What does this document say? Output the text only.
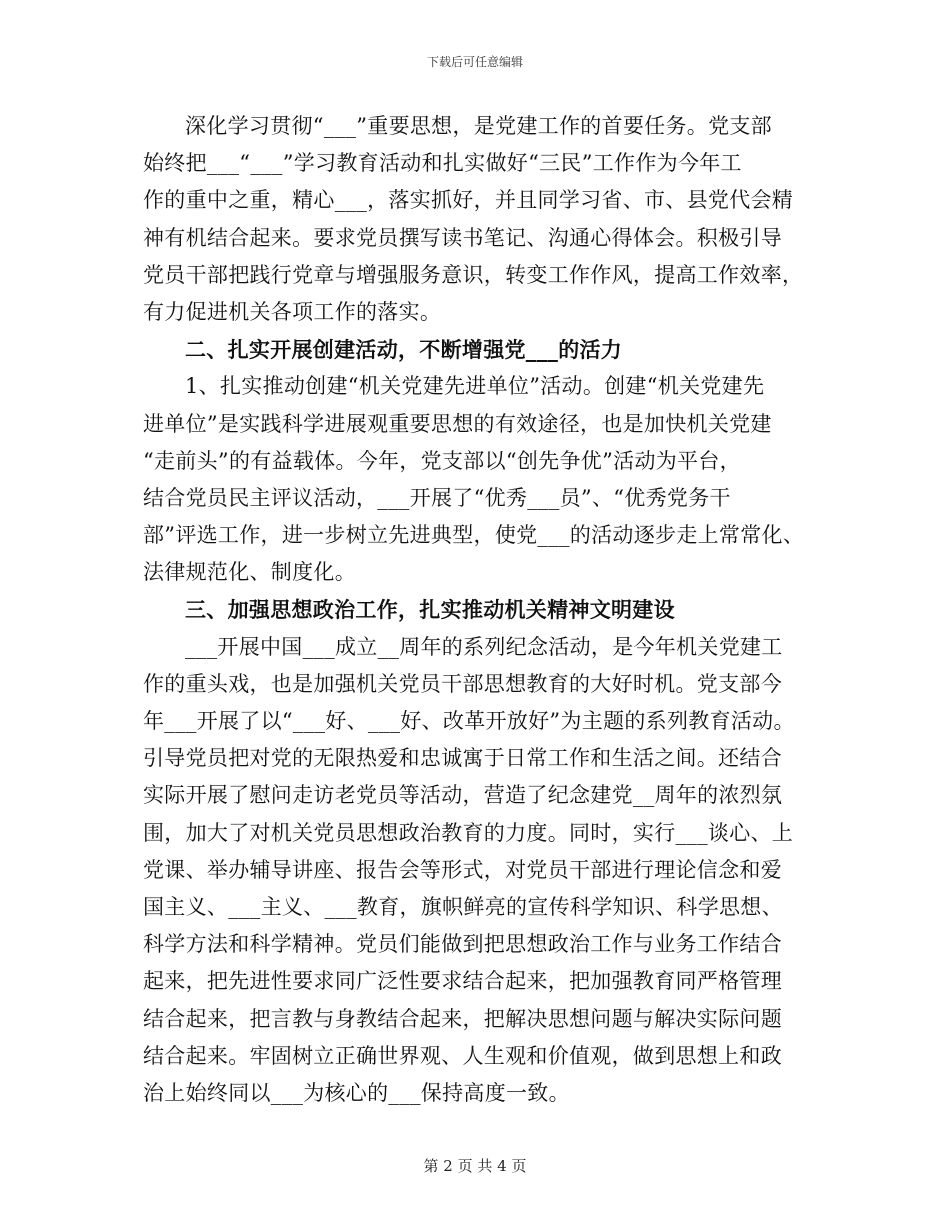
下载后可任意编辑
深化学习贯彻“___”重要思想，是党建工作的首要任务。党支部
始终把___“___”学习教育活动和扎实做好“三民”工作作为今年工
作的重中之重，精心___，落实抓好，并且同学习省、市、县党代会精
神有机结合起来。要求党员撰写读书笔记、沟通心得体会。积极引导
党员干部把践行党章与增强服务意识，转变工作作风，提高工作效率，
有力促进机关各项工作的落实。
二、扎实开展创建活动，不断增强党___的活力
1、扎实推动创建“机关党建先进单位”活动。创建“机关党建先
进单位”是实践科学进展观重要思想的有效途径，也是加快机关党建
“走前头”的有益载体。今年，党支部以“创先争优”活动为平台，
结合党员民主评议活动，___开展了“优秀___员”、“优秀党务干
部”评选工作，进一步树立先进典型，使党___的活动逐步走上常常化、
法律规范化、制度化。
三、加强思想政治工作，扎实推动机关精神文明建设
___开展中国___成立__周年的系列纪念活动，是今年机关党建工
作的重头戏，也是加强机关党员干部思想教育的大好时机。党支部今
年___开展了以“___好、___好、改革开放好”为主题的系列教育活动。
引导党员把对党的无限热爱和忠诚寓于日常工作和生活之间。还结合
实际开展了慰问走访老党员等活动，营造了纪念建党__周年的浓烈氛
围，加大了对机关党员思想政治教育的力度。同时，实行___谈心、上
党课、举办辅导讲座、报告会等形式，对党员干部进行理论信念和爱
国主义、___主义、___教育，旗帜鲜亮的宣传科学知识、科学思想、
科学方法和科学精神。党员们能做到把思想政治工作与业务工作结合
起来，把先进性要求同广泛性要求结合起来，把加强教育同严格管理
结合起来，把言教与身教结合起来，把解决思想问题与解决实际问题
结合起来。牢固树立正确世界观、人生观和价值观，做到思想上和政
治上始终同以___为核心的___保持高度一致。
第 2 页 共 4 页
